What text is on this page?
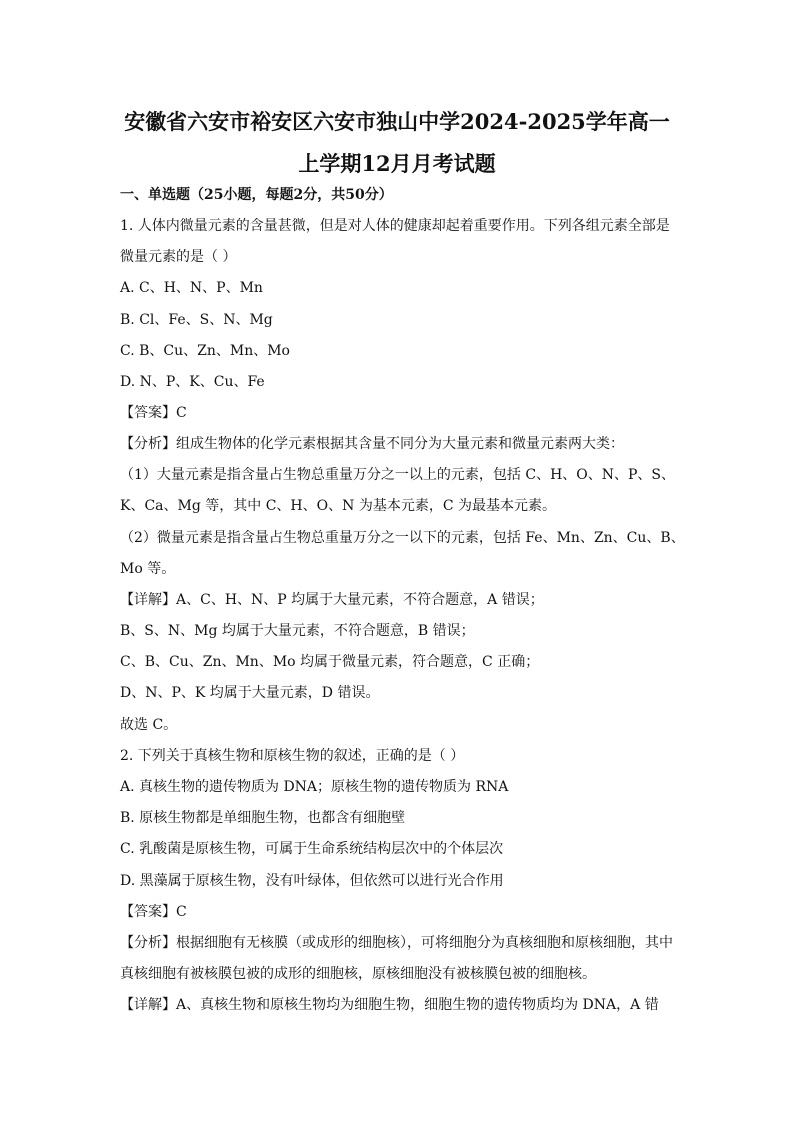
安徽省六安市裕安区六安市独山中学2024-2025学年高一
上学期12月月考试题
一、单选题（25小题，每题2分，共50分）
1. 人体内微量元素的含量甚微，但是对人体的健康却起着重要作用。下列各组元素全部是
微量元素的是（ ）
A. C、H、N、P、Mn
B. Cl、Fe、S、N、Mg
C. B、Cu、Zn、Mn、Mo
D. N、P、K、Cu、Fe
【答案】C
【分析】组成生物体的化学元素根据其含量不同分为大量元素和微量元素两大类：
（1）大量元素是指含量占生物总重量万分之一以上的元素，包括 C、H、O、N、P、S、
K、Ca、Mg 等，其中 C、H、O、N 为基本元素，C 为最基本元素。
（2）微量元素是指含量占生物总重量万分之一以下的元素，包括 Fe、Mn、Zn、Cu、B、
Mo 等。
【详解】A、C、H、N、P 均属于大量元素，不符合题意，A 错误；
B、S、N、Mg 均属于大量元素，不符合题意，B 错误；
C、B、Cu、Zn、Mn、Mo 均属于微量元素，符合题意，C 正确；
D、N、P、K 均属于大量元素，D 错误。
故选 C。
2. 下列关于真核生物和原核生物的叙述，正确的是（ ）
A. 真核生物的遗传物质为 DNA；原核生物的遗传物质为 RNA
B. 原核生物都是单细胞生物，也都含有细胞壁
C. 乳酸菌是原核生物，可属于生命系统结构层次中的个体层次
D. 黑藻属于原核生物，没有叶绿体，但依然可以进行光合作用
【答案】C
【分析】根据细胞有无核膜（或成形的细胞核），可将细胞分为真核细胞和原核细胞，其中
真核细胞有被核膜包被的成形的细胞核，原核细胞没有被核膜包被的细胞核。
【详解】A、真核生物和原核生物均为细胞生物，细胞生物的遗传物质均为 DNA，A 错
